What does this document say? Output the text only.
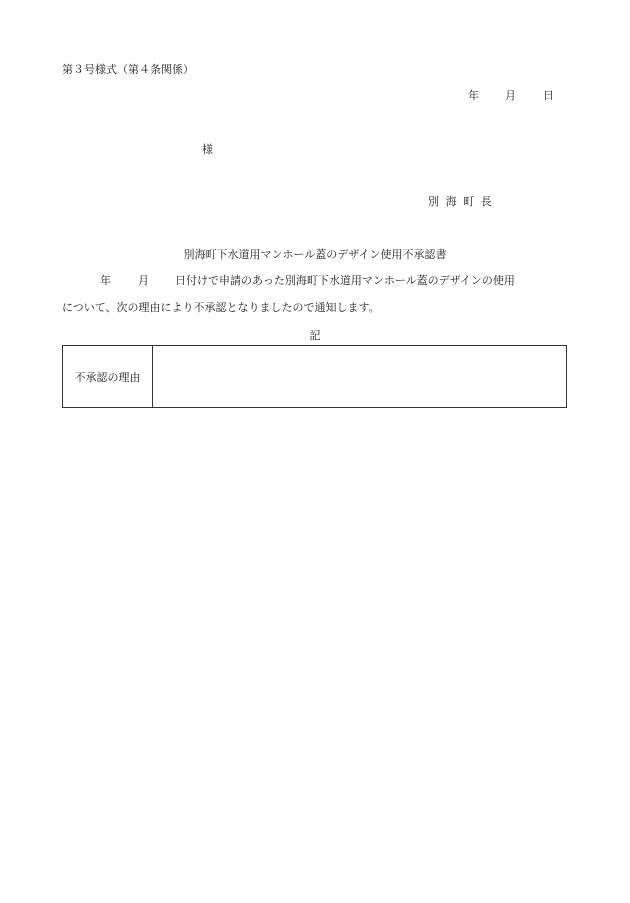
第３号様式（第４条関係）
年 月 日
様
別海町長
別海町下水道用マンホール蓋のデザイン使用不承認書
年 月 日付けで申請のあった別海町下水道用マンホール蓋のデザインの使用
について、次の理由により不承認となりましたので通知します。
記
不承認の理由
